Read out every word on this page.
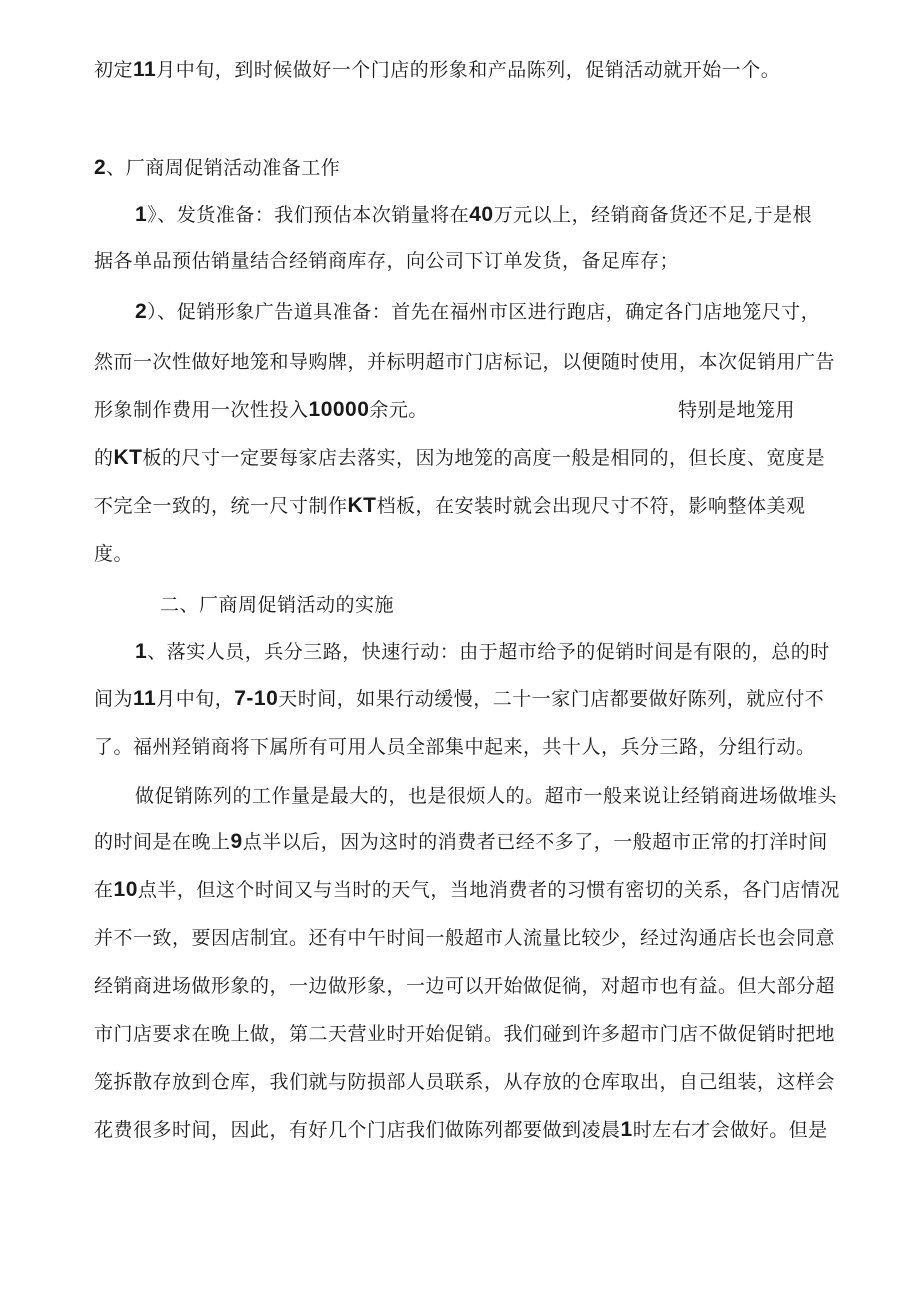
初定11月中旬，到时候做好一个门店的形象和产品陈列，促销活动就开始一个。
2、厂商周促销活动准备工作
1》、发货准备：我们预估本次销量将在40万元以上，经销商备货还不足,于是根
据各单品预估销量结合经销商库存，向公司下订单发货，备足库存；
2）、促销形象广告道具准备：首先在福州市区进行跑店，确定各门店地笼尺寸，
然而一次性做好地笼和导购牌，并标明超市门店标记，以便随时使用，本次促销用广告
形象制作费用一次性投入10000余元。	特别是地笼用
的KT板的尺寸一定要每家店去落实，因为地笼的高度一般是相同的，但长度、宽度是
不完全一致的，统一尺寸制作KT档板，在安装时就会出现尺寸不符，影响整体美观
度。
二、厂商周促销活动的实施
1、落实人员，兵分三路，快速行动：由于超市给予的促销时间是有限的，总的时
间为11月中旬，7-10天时间，如果行动缓慢，二十一家门店都要做好陈列，就应付不
了。福州羟销商将下属所有可用人员全部集中起来，共十人，兵分三路，分组行动。
做促销陈列的工作量是最大的，也是很烦人的。超市一般来说让经销商进场做堆头
的时间是在晚上9点半以后，因为这时的消费者已经不多了，一般超市正常的打洋时间
在10点半，但这个时间又与当时的天气，当地消费者的习惯有密切的关系，各门店情况
并不一致，要因店制宜。还有中午时间一般超市人流量比较少，经过沟通店长也会同意
经销商进场做形象的，一边做形象，一边可以开始做促徜，对超市也有益。但大部分超
市门店要求在晚上做，第二天营业时开始促销。我们碰到许多超市门店不做促销时把地
笼拆散存放到仓库，我们就与防损部人员联系，从存放的仓库取出，自己组装，这样会
花费很多时间，因此，有好几个门店我们做陈列都要做到凌晨1时左右才会做好。但是
